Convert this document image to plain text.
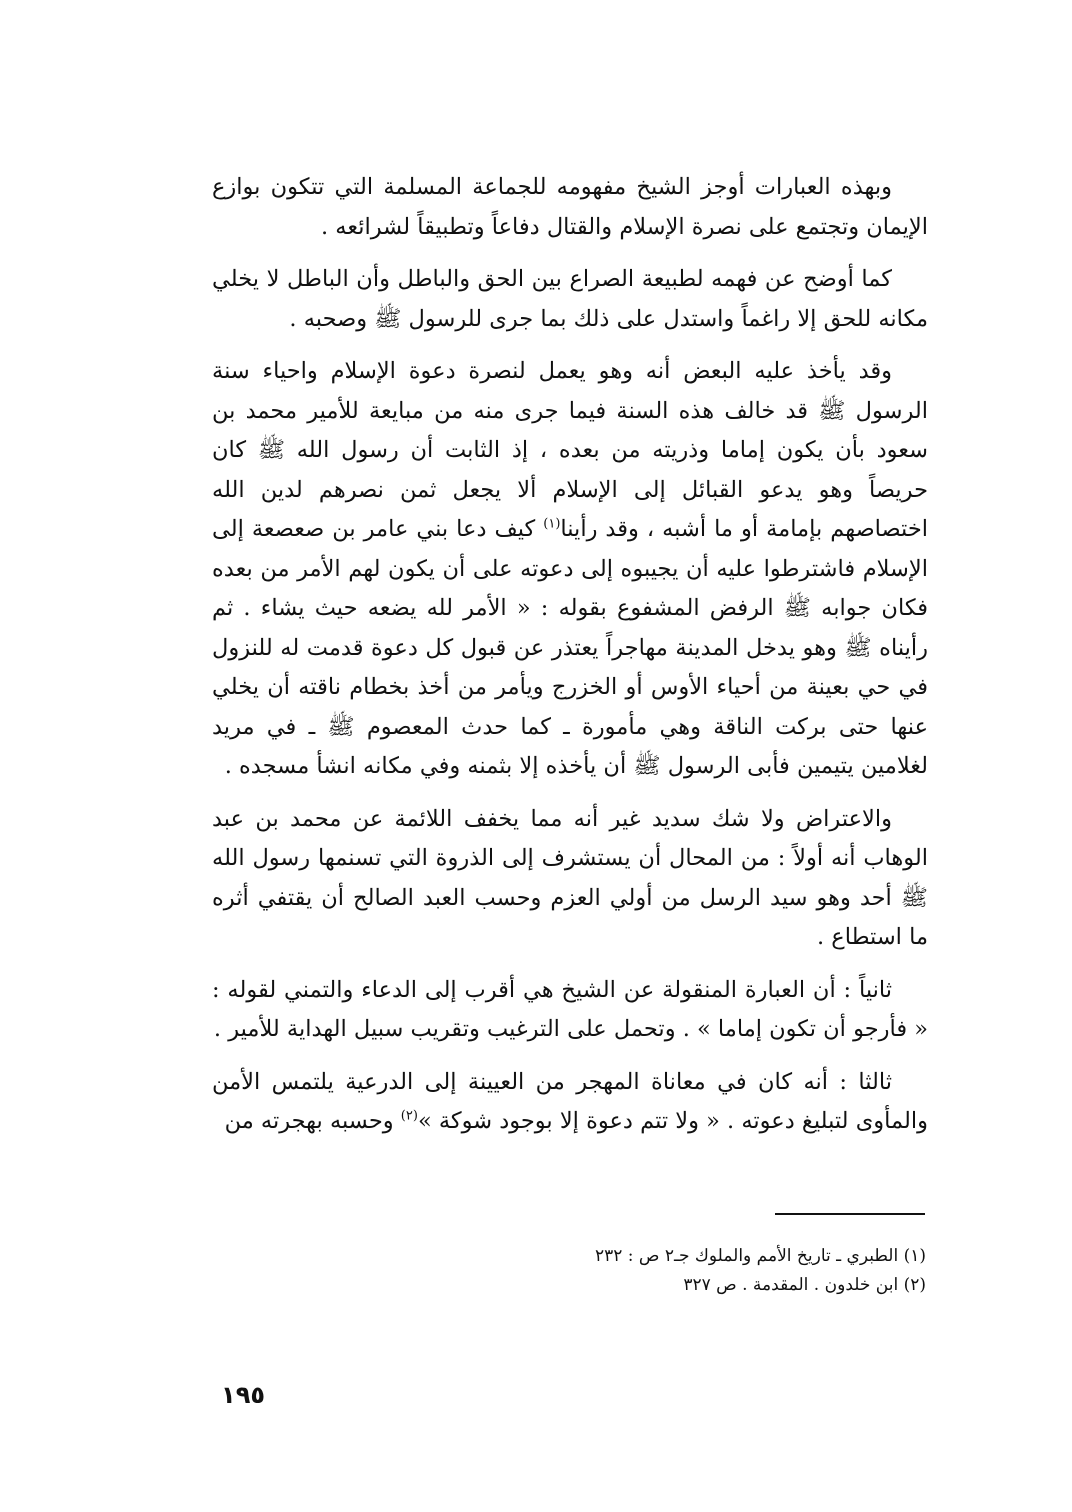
وبهذه العبارات أوجز الشيخ مفهومه للجماعة المسلمة التي تتكون بوازع الإيمان وتجتمع على نصرة الإسلام والقتال دفاعاً وتطبيقاً لشرائعه .

كما أوضح عن فهمه لطبيعة الصراع بين الحق والباطل وأن الباطل لا يخلي مكانه للحق إلا راغماً واستدل على ذلك بما جرى للرسول ﷺ وصحبه .

وقد يأخذ عليه البعض أنه وهو يعمل لنصرة دعوة الإسلام واحياء سنة الرسول ﷺ قد خالف هذه السنة فيما جرى منه من مبايعة للأمير محمد بن سعود بأن يكون إماما وذريته من بعده ، إذ الثابت أن رسول الله ﷺ كان حريصاً وهو يدعو القبائل إلى الإسلام ألا يجعل ثمن نصرهم لدين الله اختصاصهم بإمامة أو ما أشبه ، وقد رأينا$^{(١)}$ كيف دعا بني عامر بن صعصعة إلى الإسلام فاشترطوا عليه أن يجيبوه إلى دعوته على أن يكون لهم الأمر من بعده فكان جوابه ﷺ الرفض المشفوع بقوله : « الأمر لله يضعه حيث يشاء . ثم رأيناه ﷺ وهو يدخل المدينة مهاجراً يعتذر عن قبول كل دعوة قدمت له للنزول في حي بعينة من أحياء الأوس أو الخزرج ويأمر من أخذ بخطام ناقته أن يخلي عنها حتى بركت الناقة وهي مأمورة ـ كما حدث المعصوم ﷺ ـ في مريد لغلامين يتيمين فأبى الرسول ﷺ أن يأخذه إلا بثمنه وفي مكانه انشأ مسجده .

والاعتراض ولا شك سديد غير أنه مما يخفف اللائمة عن محمد بن عبد الوهاب أنه أولاً : من المحال أن يستشرف إلى الذروة التي تسنمها رسول الله ﷺ أحد وهو سيد الرسل من أولي العزم وحسب العبد الصالح أن يقتفي أثره ما استطاع .

ثانياً : أن العبارة المنقولة عن الشيخ هي أقرب إلى الدعاء والتمني لقوله : « فأرجو أن تكون إماما » . وتحمل على الترغيب وتقريب سبيل الهداية للأمير .

ثالثا : أنه كان في معاناة المهجر من العيينة إلى الدرعية يلتمس الأمن والمأوى لتبليغ دعوته . « ولا تتم دعوة إلا بوجود شوكة »$^{(٢)}$ وحسبه بهجرته من

(١) الطبري ـ تاريخ الأمم والملوك جـ٢ ص : ٢٣٢

(٢) ابن خلدون . المقدمة . ص ٣٢٧

١٩٥
